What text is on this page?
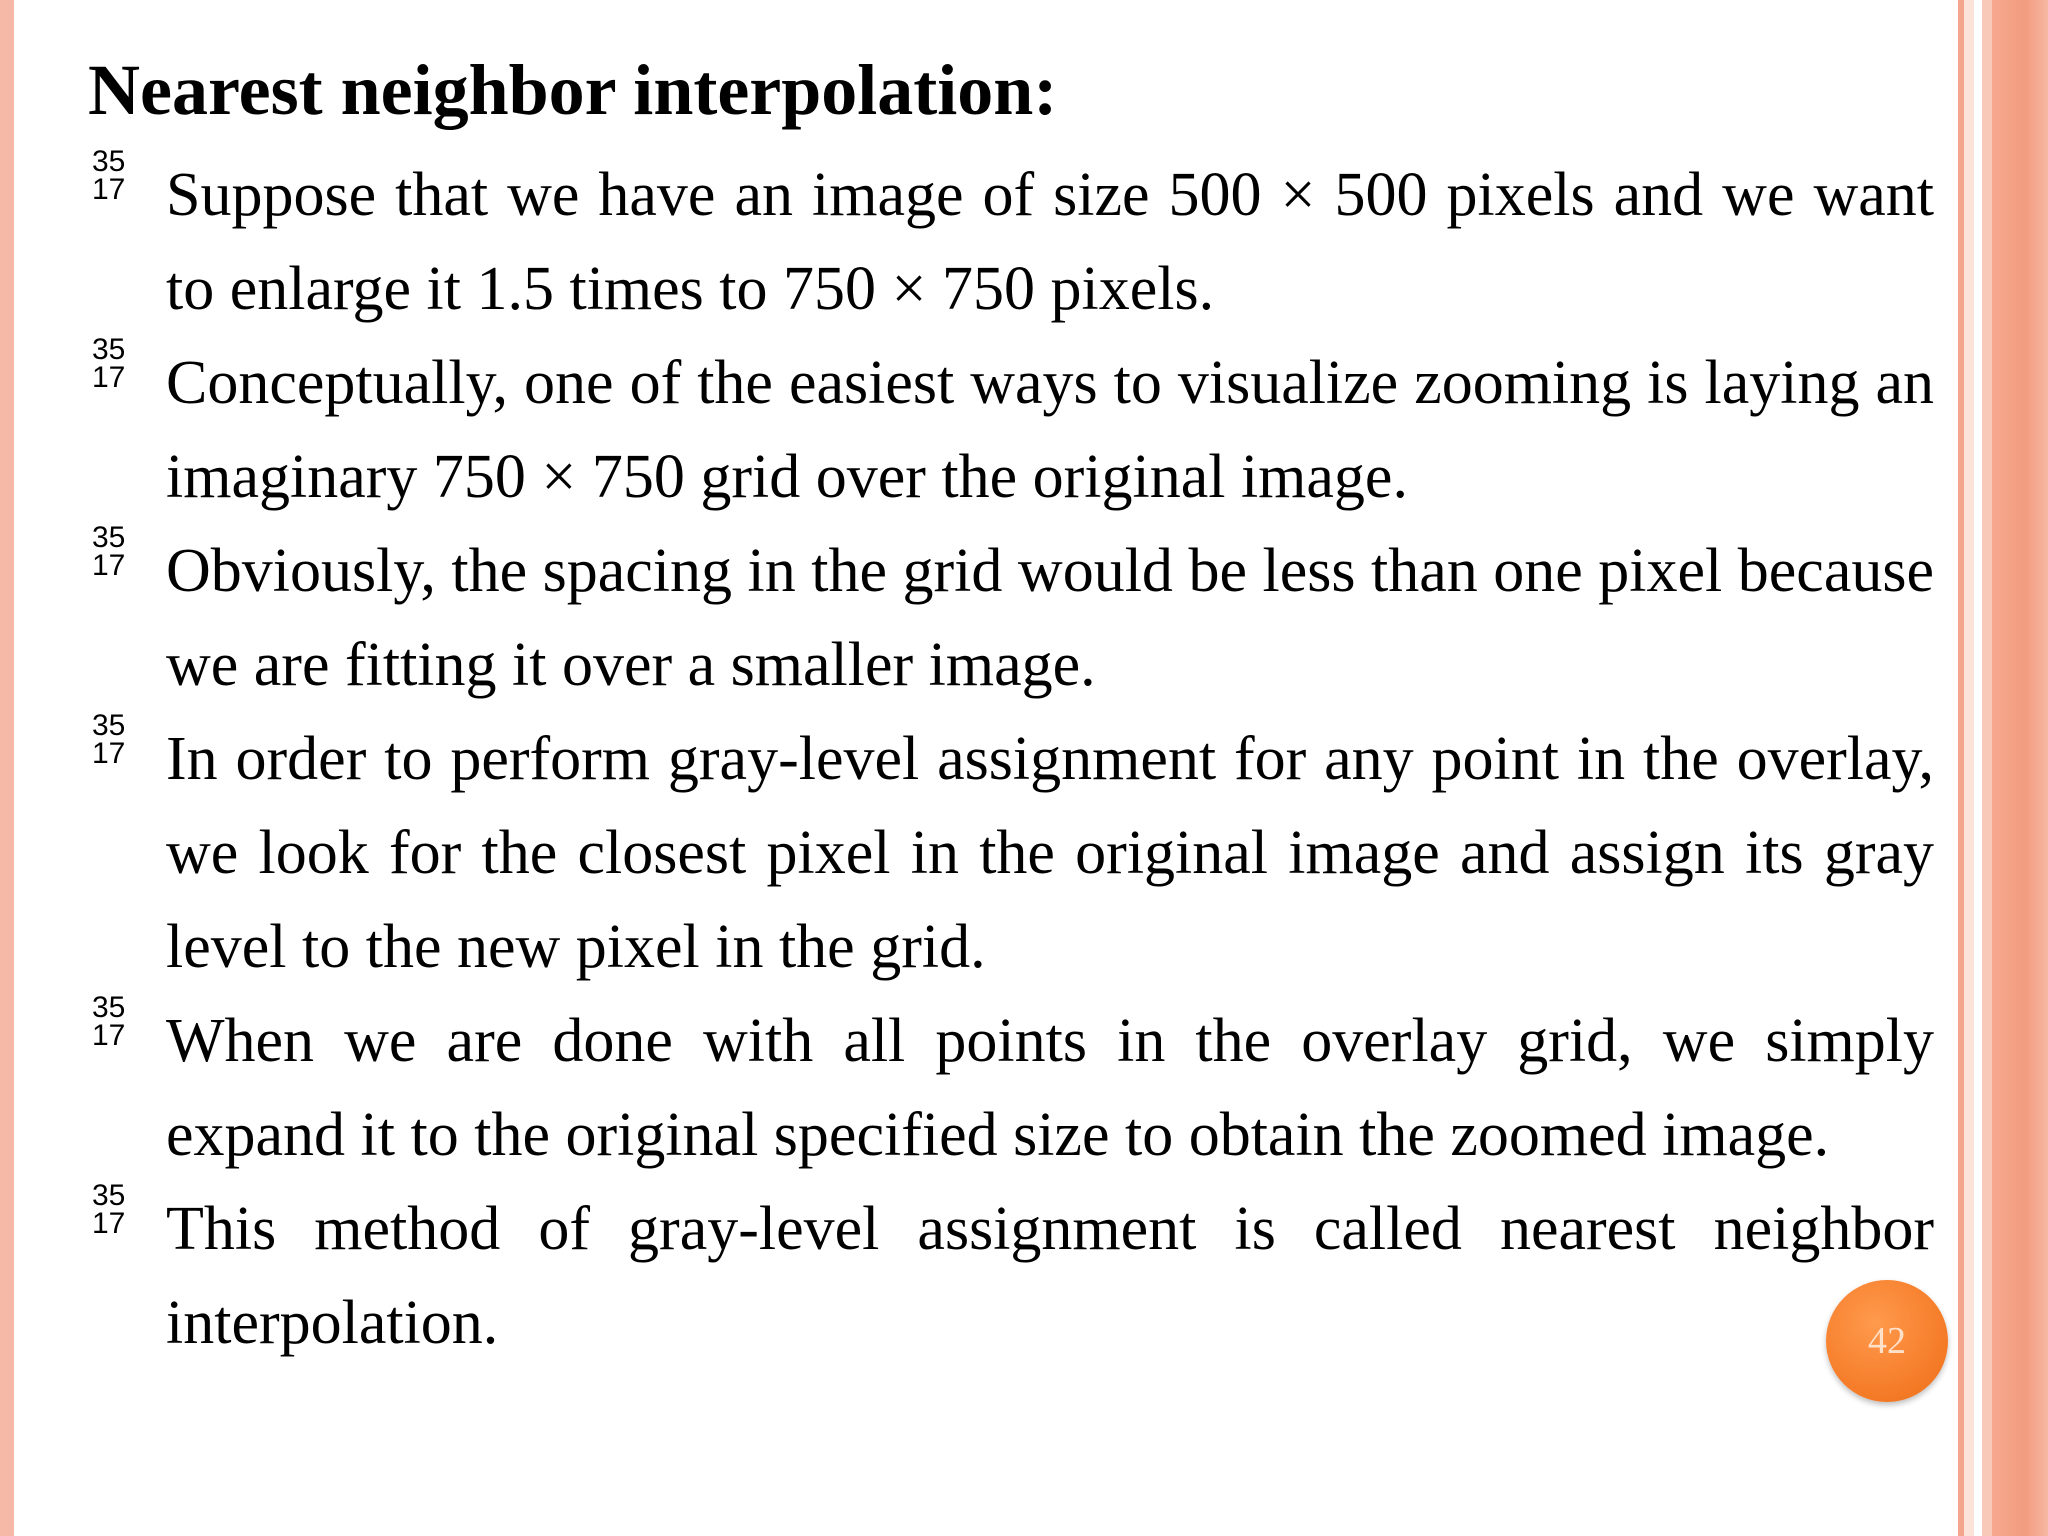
Nearest neighbor interpolation:
35
17 Suppose that we have an image of size 500 × 500 pixels and we want to enlarge it 1.5 times to 750 × 750 pixels.
35
17 Conceptually, one of the easiest ways to visualize zooming is laying an imaginary 750 × 750 grid over the original image.
35
17 Obviously, the spacing in the grid would be less than one pixel because we are fitting it over a smaller image.
35
17 In order to perform gray-level assignment for any point in the overlay, we look for the closest pixel in the original image and assign its gray level to the new pixel in the grid.
35
17 When we are done with all points in the overlay grid, we simply expand it to the original specified size to obtain the zoomed image.
35
17 This method of gray-level assignment is called nearest neighbor interpolation.	42
